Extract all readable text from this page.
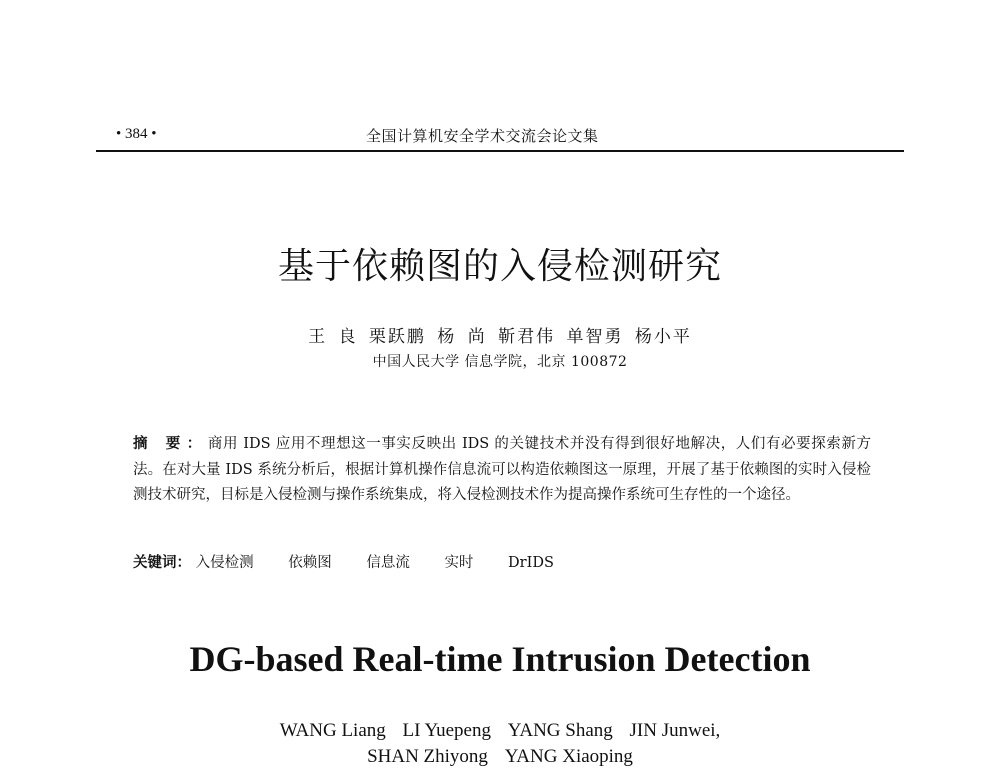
• 384 •	全国计算机安全学术交流会论文集
基于依赖图的入侵检测研究
王 良 栗跃鹏 杨 尚 靳君伟 单智勇 杨小平
中国人民大学 信息学院，北京 100872
摘 要：商用 IDS 应用不理想这一事实反映出 IDS 的关键技术并没有得到很好地解决，人们有必要探索新方法。在对大量 IDS 系统分析后，根据计算机操作信息流可以构造依赖图这一原理，开展了基于依赖图的实时入侵检测技术研究，目标是入侵检测与操作系统集成，将入侵检测技术作为提高操作系统可生存性的一个途径。
关键词： 入侵检测 依赖图 信息流 实时 DrIDS
DG-based Real-time Intrusion Detection
WANG Liang LI Yuepeng YANG Shang JIN Junwei,
SHAN Zhiyong YANG Xiaoping
